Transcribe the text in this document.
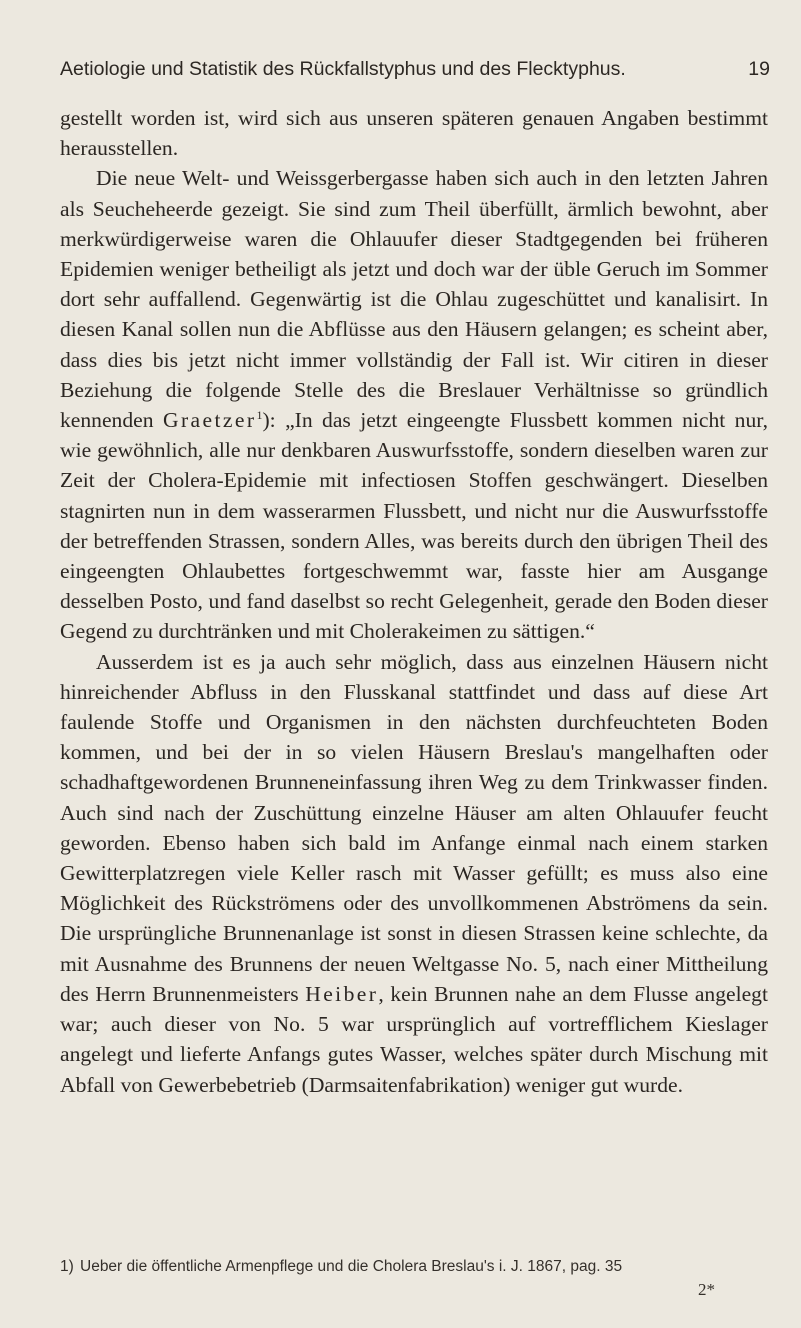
Aetiologie und Statistik des Rückfallstyphus und des Flecktyphus.	19

gestellt worden ist, wird sich aus unseren späteren genauen Angaben bestimmt herausstellen.

Die neue Welt- und Weissgerbergasse haben sich auch in den letzten Jahren als Seucheheerde gezeigt. Sie sind zum Theil überfüllt, ärmlich bewohnt, aber merkwürdigerweise waren die Ohlauufer dieser Stadtgegenden bei früheren Epidemien weniger betheiligt als jetzt und doch war der üble Geruch im Sommer dort sehr auffallend. Gegenwärtig ist die Ohlau zugeschüttet und kanalisirt. In diesen Kanal sollen nun die Abflüsse aus den Häusern gelangen; es scheint aber, dass dies bis jetzt nicht immer vollständig der Fall ist. Wir citiren in dieser Beziehung die folgende Stelle des die Breslauer Verhältnisse so gründlich kennenden Graetzer$^1$): „In das jetzt eingeengte Flussbett kommen nicht nur, wie gewöhnlich, alle nur denkbaren Auswurfsstoffe, sondern dieselben waren zur Zeit der Cholera-Epidemie mit infectiosen Stoffen geschwängert. Dieselben stagnirten nun in dem wasserarmen Flussbett, und nicht nur die Auswurfsstoffe der betreffenden Strassen, sondern Alles, was bereits durch den übrigen Theil des eingeengten Ohlaubettes fortgeschwemmt war, fasste hier am Ausgange desselben Posto, und fand daselbst so recht Gelegenheit, gerade den Boden dieser Gegend zu durchtränken und mit Cholerakeimen zu sättigen.“

Ausserdem ist es ja auch sehr möglich, dass aus einzelnen Häusern nicht hinreichender Abfluss in den Flusskanal stattfindet und dass auf diese Art faulende Stoffe und Organismen in den nächsten durchfeuchteten Boden kommen, und bei der in so vielen Häusern Breslau's mangelhaften oder schadhaftgewordenen Brunneneinfassung ihren Weg zu dem Trinkwasser finden. Auch sind nach der Zuschüttung einzelne Häuser am alten Ohlauufer feucht geworden. Ebenso haben sich bald im Anfange einmal nach einem starken Gewitterplatzregen viele Keller rasch mit Wasser gefüllt; es muss also eine Möglichkeit des Rückströmens oder des unvollkommenen Abströmens da sein. Die ursprüngliche Brunnenanlage ist sonst in diesen Strassen keine schlechte, da mit Ausnahme des Brunnens der neuen Weltgasse No. 5, nach einer Mittheilung des Herrn Brunnenmeisters Heiber, kein Brunnen nahe an dem Flusse angelegt war; auch dieser von No. 5 war ursprünglich auf vortrefflichem Kieslager angelegt und lieferte Anfangs gutes Wasser, welches später durch Mischung mit Abfall von Gewerbebetrieb (Darmsaitenfabrikation) weniger gut wurde.

1) Ueber die öffentliche Armenpflege und die Cholera Breslau's i. J. 1867, pag. 35
2*
